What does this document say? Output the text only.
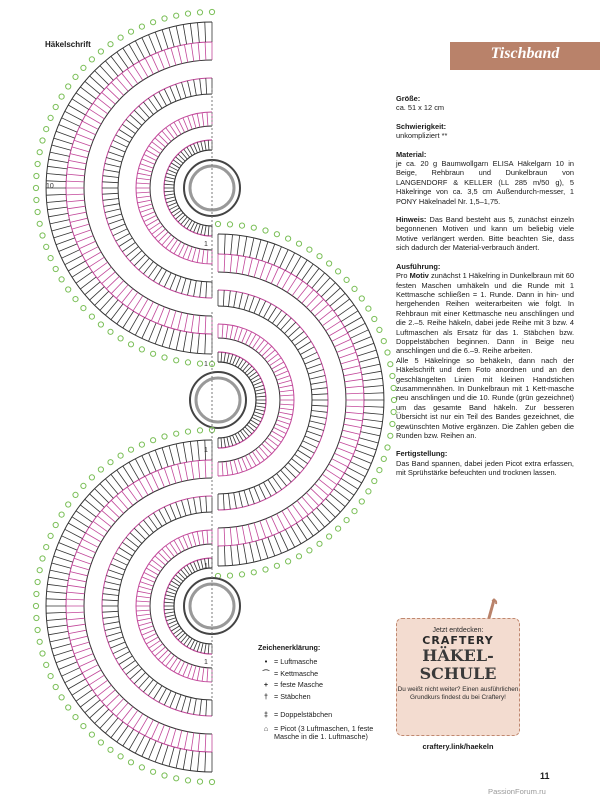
10
1
1
1
1
1
Häkelschrift
Tischband

Größe:

ca. 51 x 12 cm

Schwierigkeit:

unkompliziert **

Material:

je ca. 20 g Baumwollgarn ELISA Häkelgarn 10 in Beige, Rehbraun und Dunkelbraun von LANGENDORF & KELLER (LL 285 m/50 g), 5 Häkelringe von ca. 3,5 cm Außendurch-messer, 1 PONY Häkelnadel Nr. 1,5–1,75.

Hinweis: Das Band besteht aus 5, zunächst einzeln begonnenen Motiven und kann um beliebig viele Motive verlängert werden. Bitte beachten Sie, dass sich dadurch der Material-verbrauch ändert.

Ausführung:

Pro Motiv zunächst 1 Häkelring in Dunkelbraun mit 60 festen Maschen umhäkeln und die Runde mit 1 Kettmasche schließen = 1. Runde. Dann in hin- und hergehenden Reihen weiterarbeiten wie folgt. In Rehbraun mit einer Kettmasche neu anschlingen und die 2.–5. Reihe häkeln, dabei jede Reihe mit 3 bzw. 4 Luftmaschen als Ersatz für das 1. Stäbchen bzw. Doppelstäbchen beginnen. Dann in Beige neu anschlingen und die 6.–9. Reihe arbeiten.

Alle 5 Häkelringe so behäkeln, dann nach der Häkelschrift und dem Foto anordnen und an den geschlängelten Linien mit kleinen Handstichen zusammennähen. In Dunkelbraun mit 1 Kett-masche neu anschlingen und die 10. Runde (grün gezeichnet) um das gesamte Band häkeln. Zur besseren Übersicht ist nur ein Teil des Bandes gezeichnet, die gewünschten Motive ergänzen. Die Zahlen geben die Runden bzw. Reihen an.

Fertigstellung:

Das Band spannen, dabei jeden Picot extra erfassen, mit Sprühstärke befeuchten und trocknen lassen.

Zeichenerklärung:
• = Luftmasche
⌒ = Kettmasche
+ = feste Masche
† = Stäbchen
‡ = Doppelstäbchen
⌂ = Picot (3 Luftmaschen, 1 feste Masche in die 1. Luftmasche)
Jetzt entdecken:
CRAFTERY
HÄKEL-
SCHULE
Du weißt nicht weiter? Einen ausführlichen Grundkurs findest du bei Craftery!
craftery.link/haekeln
11
PassionForum.ru
